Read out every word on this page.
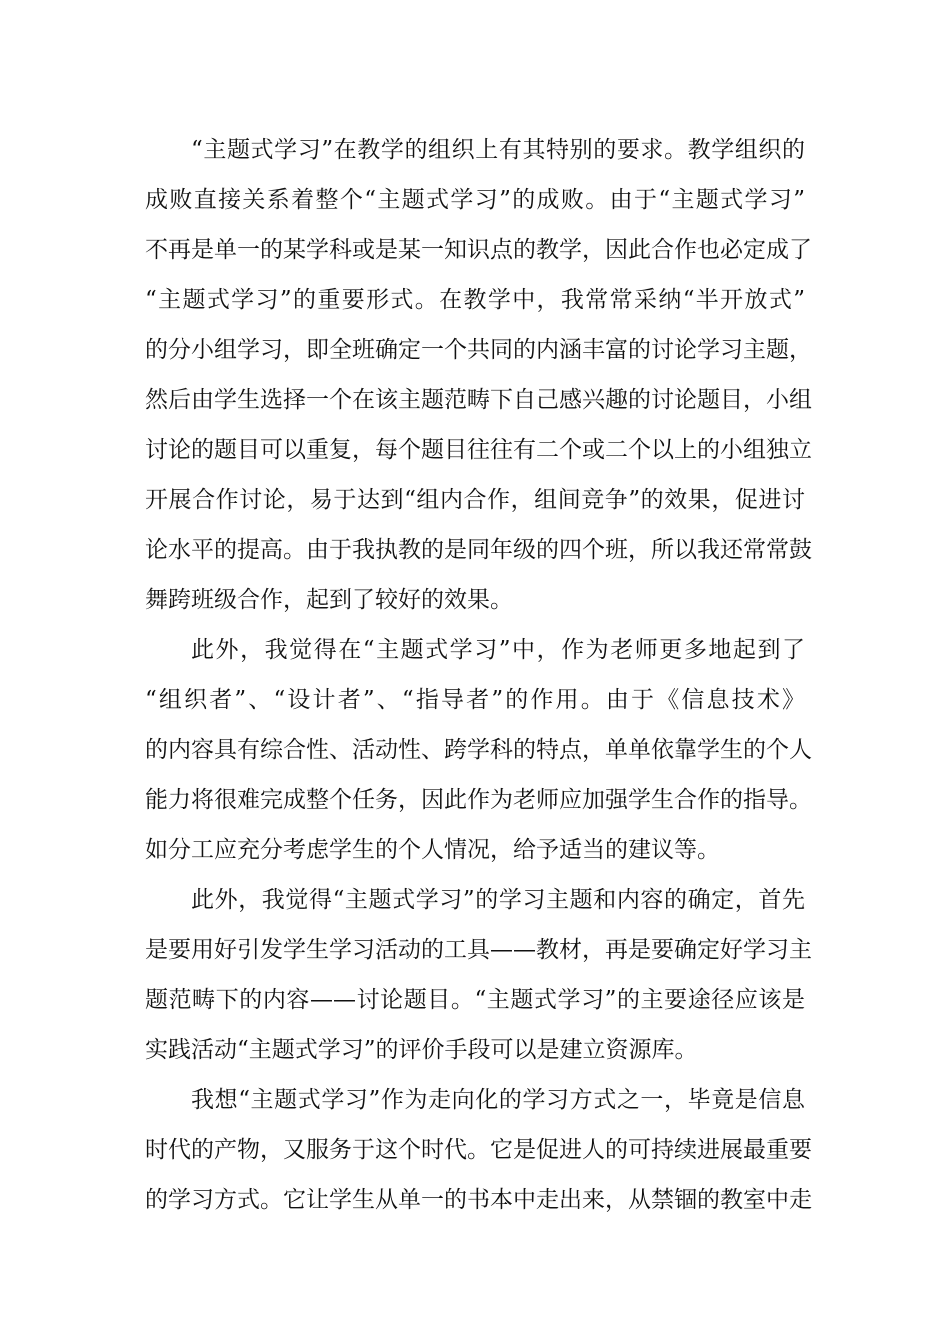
“主题式学习”在教学的组织上有其特别的要求。教学组织的
成败直接关系着整个“主题式学习”的成败。由于“主题式学习”
不再是单一的某学科或是某一知识点的教学，因此合作也必定成了
“主题式学习”的重要形式。在教学中，我常常采纳“半开放式”
的分小组学习，即全班确定一个共同的内涵丰富的讨论学习主题，
然后由学生选择一个在该主题范畴下自己感兴趣的讨论题目，小组
讨论的题目可以重复，每个题目往往有二个或二个以上的小组独立
开展合作讨论，易于达到“组内合作，组间竞争”的效果，促进讨
论水平的提高。由于我执教的是同年级的四个班，所以我还常常鼓
舞跨班级合作，起到了较好的效果。
此外，我觉得在“主题式学习”中，作为老师更多地起到了
“组织者”、“设计者”、“指导者”的作用。由于《信息技术》
的内容具有综合性、活动性、跨学科的特点，单单依靠学生的个人
能力将很难完成整个任务，因此作为老师应加强学生合作的指导。
如分工应充分考虑学生的个人情况，给予适当的建议等。
此外，我觉得“主题式学习”的学习主题和内容的确定，首先
是要用好引发学生学习活动的工具——教材，再是要确定好学习主
题范畴下的内容——讨论题目。“主题式学习”的主要途径应该是
实践活动“主题式学习”的评价手段可以是建立资源库。
我想“主题式学习”作为走向化的学习方式之一，毕竟是信息
时代的产物，又服务于这个时代。它是促进人的可持续进展最重要
的学习方式。它让学生从单一的书本中走出来，从禁锢的教室中走
